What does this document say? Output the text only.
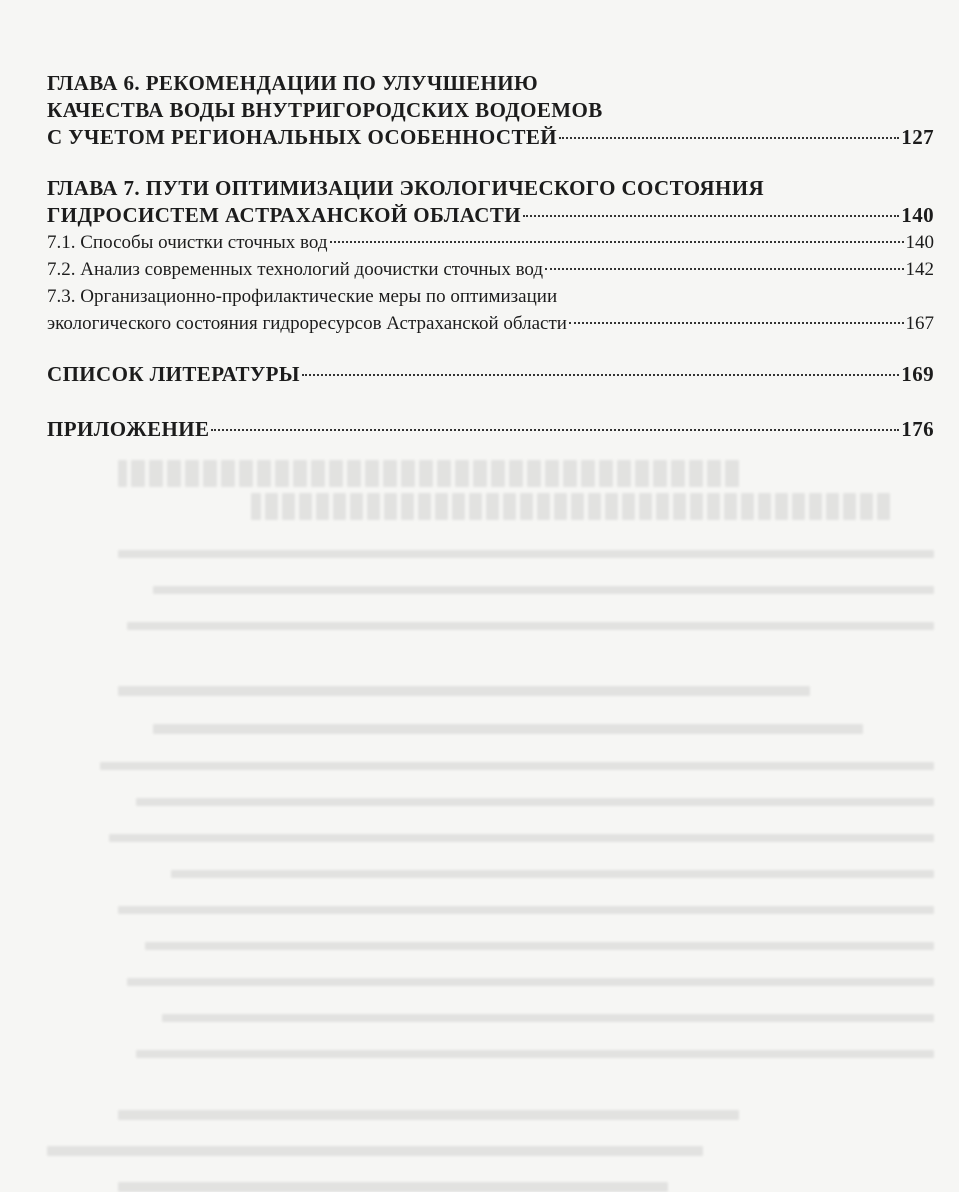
ГЛАВА 6. РЕКОМЕНДАЦИИ ПО УЛУЧШЕНИЮ
КАЧЕСТВА ВОДЫ ВНУТРИГОРОДСКИХ ВОДОЕМОВ
С УЧЕТОМ РЕГИОНАЛЬНЫХ ОСОБЕННОСТЕЙ	127
ГЛАВА 7. ПУТИ ОПТИМИЗАЦИИ ЭКОЛОГИЧЕСКОГО СОСТОЯНИЯ
ГИДРОСИСТЕМ АСТРАХАНСКОЙ ОБЛАСТИ	140
7.1. Способы очистки сточных вод	140
7.2. Анализ современных технологий доочистки сточных вод	142
7.3. Организационно-профилактические меры по оптимизации
экологического состояния гидроресурсов Астраханской области	167
СПИСОК ЛИТЕРАТУРЫ	169
ПРИЛОЖЕНИЕ	176
